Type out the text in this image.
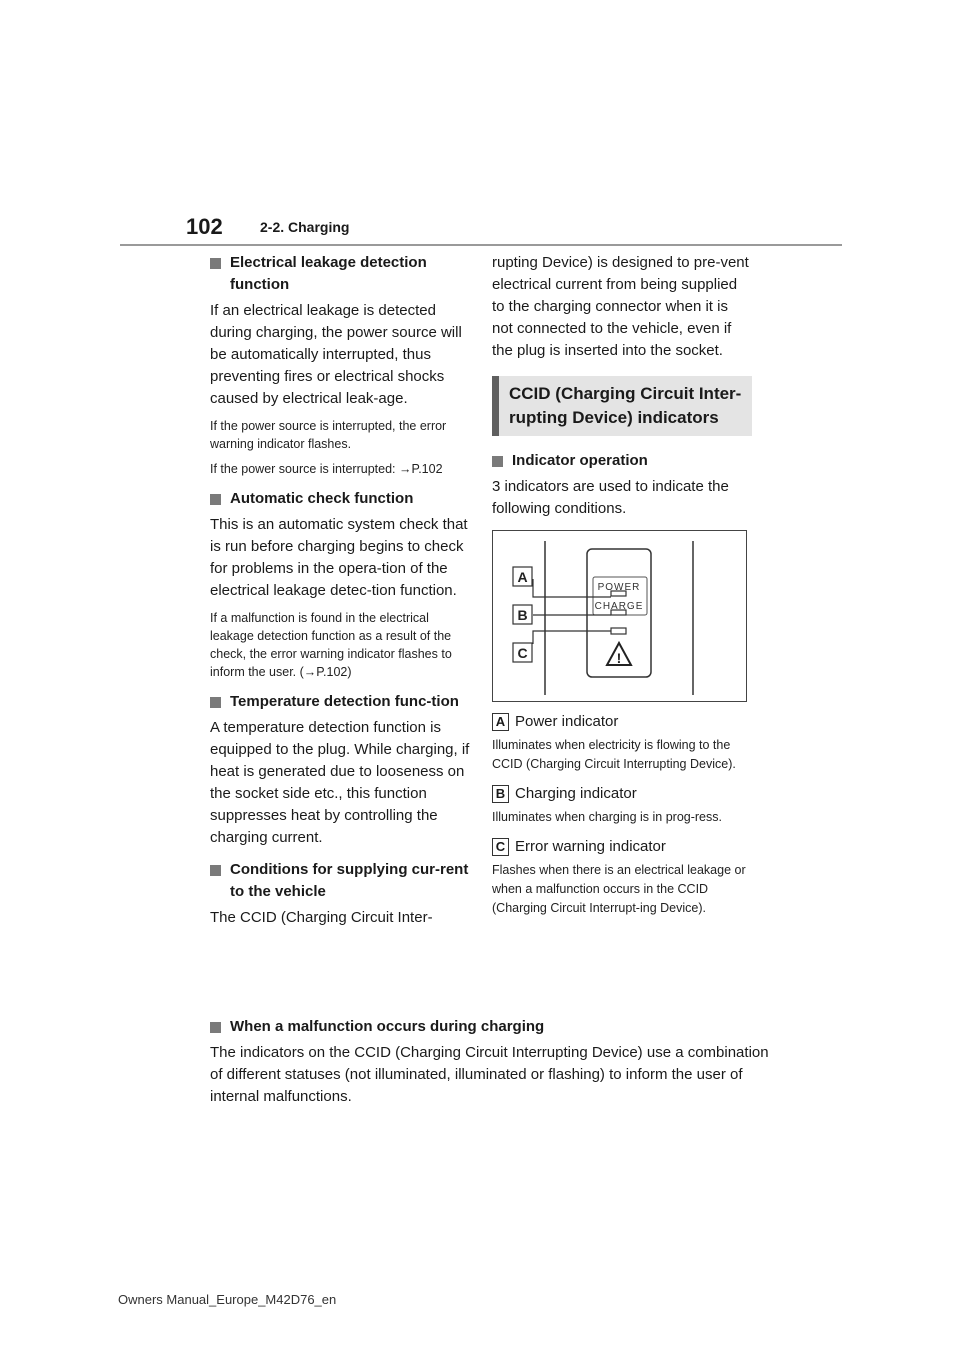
102	2-2. Charging
Electrical leakage detection function

If an electrical leakage is detected during charging, the power source will be automatically interrupted, thus preventing fires or electrical shocks caused by electrical leak-age.

If the power source is interrupted, the error warning indicator flashes.

If the power source is interrupted: →P.102

Automatic check function

This is an automatic system check that is run before charging begins to check for problems in the opera-tion of the electrical leakage detec-tion function.

If a malfunction is found in the electrical leakage detection function as a result of the check, the error warning indicator flashes to inform the user. (→P.102)

Temperature detection func-tion

A temperature detection function is equipped to the plug. While charging, if heat is generated due to looseness on the socket side etc., this function suppresses heat by controlling the charging current.

Conditions for supplying cur-rent to the vehicle

The CCID (Charging Circuit Inter-

rupting Device) is designed to pre-vent electrical current from being supplied to the charging connector when it is not connected to the vehicle, even if the plug is inserted into the socket.

CCID (Charging Circuit Inter-rupting Device) indicators
Indicator operation

3 indicators are used to indicate the following conditions.

!
POWER
CHARGE
A
B
C
A Power indicator

Illuminates when electricity is flowing to the CCID (Charging Circuit Interrupting Device).

B Charging indicator

Illuminates when charging is in prog-ress.

C Error warning indicator

Flashes when there is an electrical leakage or when a malfunction occurs in the CCID (Charging Circuit Interrupt-ing Device).

When a malfunction occurs during charging

The indicators on the CCID (Charging Circuit Interrupting Device) use a combination of different statuses (not illuminated, illuminated or flashing) to inform the user of internal malfunctions.

Owners Manual_Europe_M42D76_en
